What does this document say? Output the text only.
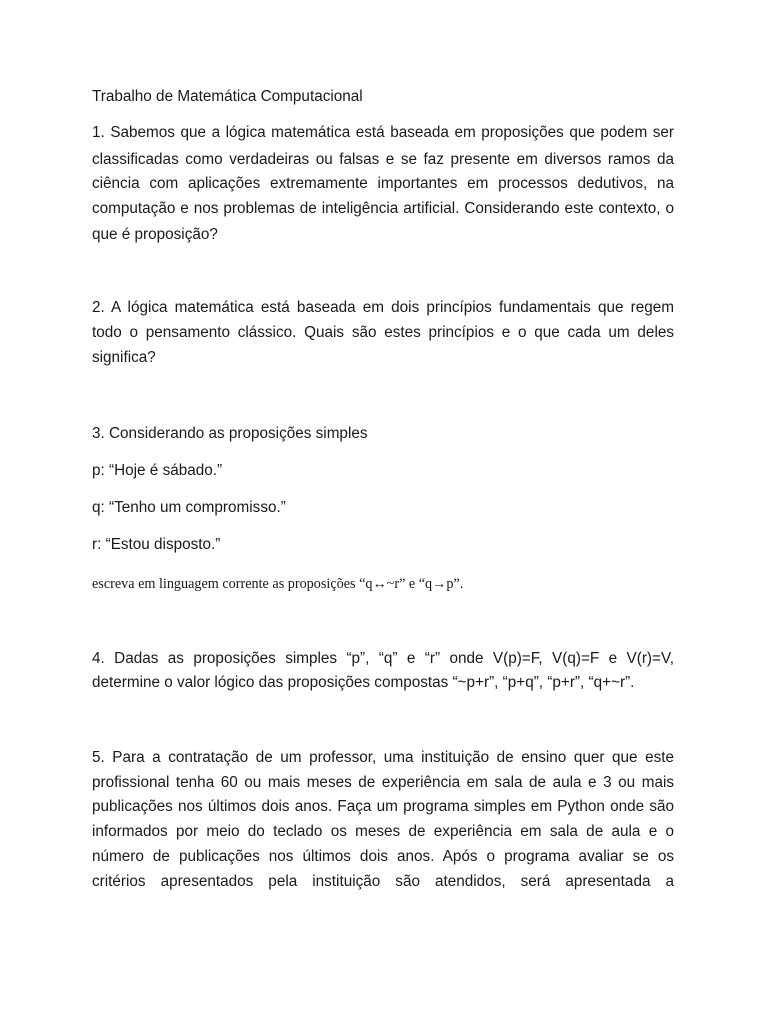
Trabalho de Matemática Computacional

1. Sabemos que a lógica matemática está baseada em proposições que podem ser

classificadas como verdadeiras ou falsas e se faz presente em diversos ramos da

ciência com aplicações extremamente importantes em processos dedutivos, na

computação e nos problemas de inteligência artificial. Considerando este contexto, o

que é proposição?

2. A lógica matemática está baseada em dois princípios fundamentais que regem

todo o pensamento clássico. Quais são estes princípios e o que cada um deles

significa?

3. Considerando as proposições simples

p: “Hoje é sábado.”

q: “Tenho um compromisso.”

r: “Estou disposto.”

escreva em linguagem corrente as proposições “q↔~r” e “q→p”.

4. Dadas as proposições simples “p”, “q” e “r” onde V(p)=F, V(q)=F e V(r)=V,

determine o valor lógico das proposições compostas “~p+r”, “p+q”, “p+r”, “q+~r”.

5. Para a contratação de um professor, uma instituição de ensino quer que este

profissional tenha 60 ou mais meses de experiência em sala de aula e 3 ou mais

publicações nos últimos dois anos. Faça um programa simples em Python onde são

informados por meio do teclado os meses de experiência em sala de aula e o

número de publicações nos últimos dois anos. Após o programa avaliar se os

critérios apresentados pela instituição são atendidos, será apresentada a
